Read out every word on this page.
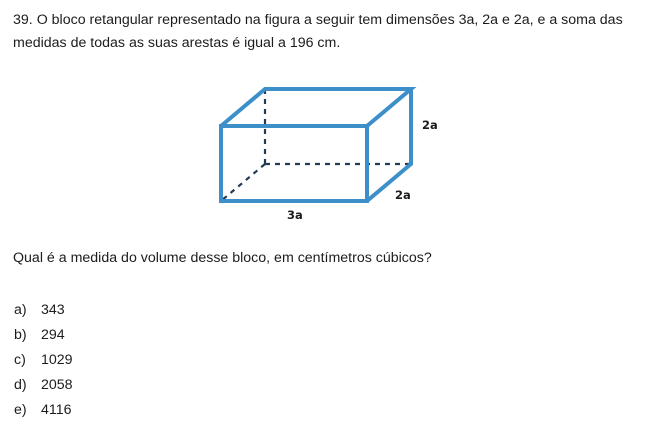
39. O bloco retangular representado na figura a seguir tem dimensões 3a, 2a e 2a, e a soma das medidas de todas as suas arestas é igual a 196 cm.

2a
2a
3a

Qual é a medida do volume desse bloco, em centímetros cúbicos?

a) 343
b) 294
c) 1029
d) 2058
e) 4116
